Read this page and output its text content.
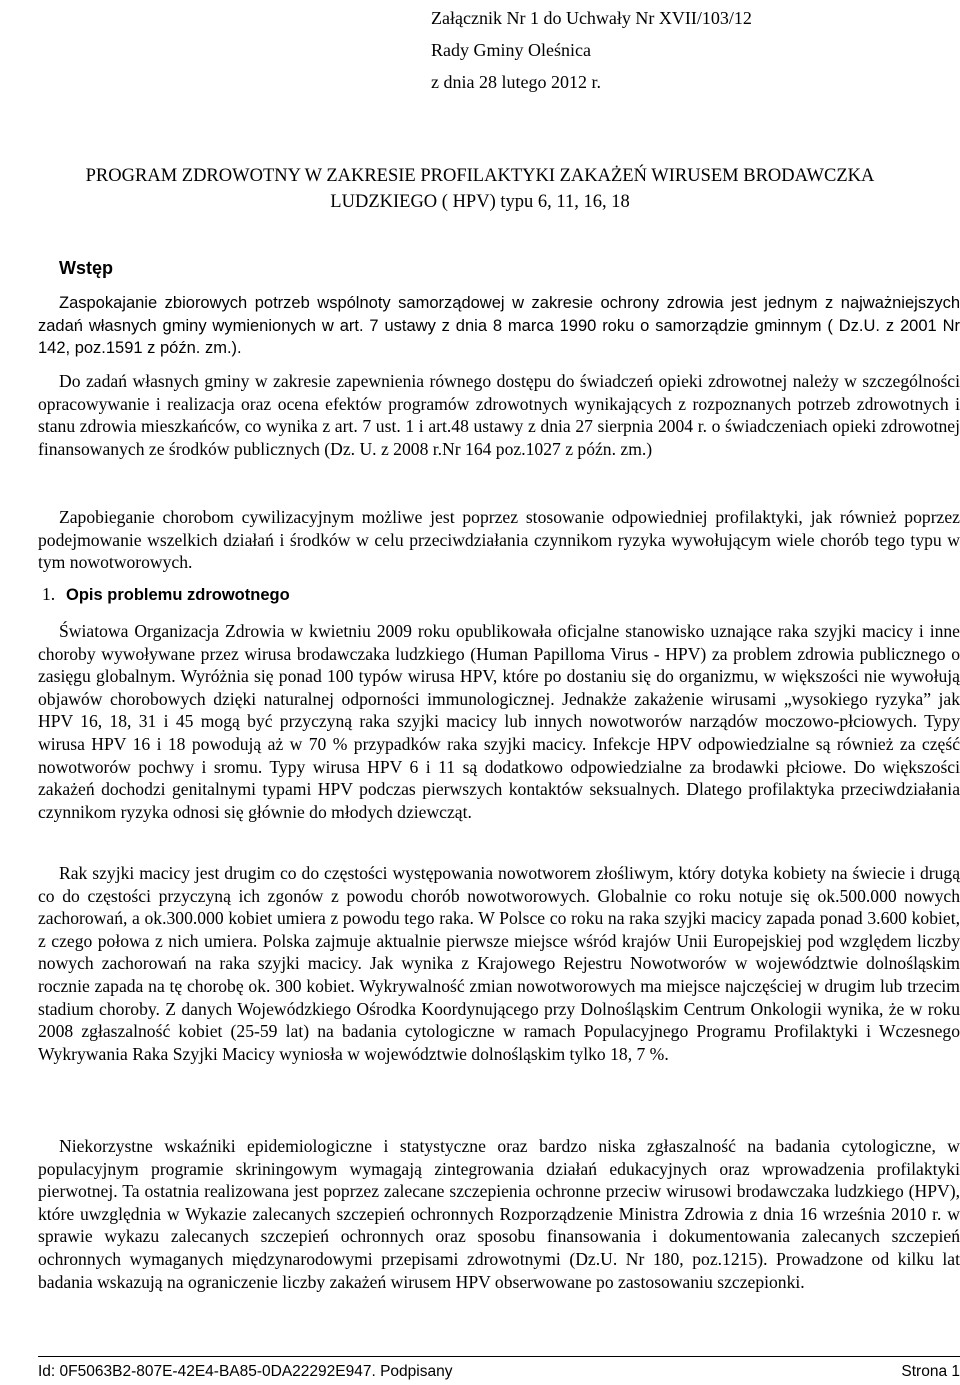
Załącznik Nr 1 do Uchwały Nr XVII/103/12
Rady Gminy Oleśnica
z dnia 28 lutego 2012 r.
PROGRAM ZDROWOTNY W ZAKRESIE PROFILAKTYKI ZAKAŻEŃ WIRUSEM BRODAWCZKA
LUDZKIEGO ( HPV) typu 6, 11, 16, 18
Wstęp
Zaspokajanie zbiorowych potrzeb wspólnoty samorządowej w zakresie ochrony zdrowia jest jednym z najważniejszych zadań własnych gminy wymienionych w art. 7 ustawy z dnia 8 marca 1990 roku o samorządzie gminnym ( Dz.U. z 2001 Nr 142, poz.1591 z późn. zm.).
Do zadań własnych gminy w zakresie zapewnienia równego dostępu do świadczeń opieki zdrowotnej należy w szczególności opracowywanie i realizacja oraz ocena efektów programów zdrowotnych wynikających z rozpoznanych potrzeb zdrowotnych i stanu zdrowia mieszkańców, co wynika z art. 7 ust. 1 i art.48 ustawy z dnia 27 sierpnia 2004 r. o świadczeniach opieki zdrowotnej finansowanych ze środków publicznych (Dz. U. z 2008 r.Nr 164 poz.1027 z późn. zm.)
Zapobieganie chorobom cywilizacyjnym możliwe jest poprzez stosowanie odpowiedniej profilaktyki, jak również poprzez podejmowanie wszelkich działań i środków w celu przeciwdziałania czynnikom ryzyka wywołującym wiele chorób tego typu w tym nowotworowych.
1. Opis problemu zdrowotnego
Światowa Organizacja Zdrowia w kwietniu 2009 roku opublikowała oficjalne stanowisko uznające raka szyjki macicy i inne choroby wywoływane przez wirusa brodawczaka ludzkiego (Human Papilloma Virus - HPV) za problem zdrowia publicznego o zasięgu globalnym. Wyróżnia się ponad 100 typów wirusa HPV, które po dostaniu się do organizmu, w większości nie wywołują objawów chorobowych dzięki naturalnej odporności immunologicznej. Jednakże zakażenie wirusami „wysokiego ryzyka” jak HPV 16, 18, 31 i 45 mogą być przyczyną raka szyjki macicy lub innych nowotworów narządów moczowo-płciowych. Typy wirusa HPV 16 i 18 powodują aż w 70 % przypadków raka szyjki macicy. Infekcje HPV odpowiedzialne są również za część nowotworów pochwy i sromu. Typy wirusa HPV 6 i 11 są dodatkowo odpowiedzialne za brodawki płciowe. Do większości zakażeń dochodzi genitalnymi typami HPV podczas pierwszych kontaktów seksualnych. Dlatego profilaktyka przeciwdziałania czynnikom ryzyka odnosi się głównie do młodych dziewcząt.
Rak szyjki macicy jest drugim co do częstości występowania nowotworem złośliwym, który dotyka kobiety na świecie i drugą co do częstości przyczyną ich zgonów z powodu chorób nowotworowych. Globalnie co roku notuje się ok.500.000 nowych zachorowań, a ok.300.000 kobiet umiera z powodu tego raka. W Polsce co roku na raka szyjki macicy zapada ponad 3.600 kobiet, z czego połowa z nich umiera. Polska zajmuje aktualnie pierwsze miejsce wśród krajów Unii Europejskiej pod względem liczby nowych zachorowań na raka szyjki macicy. Jak wynika z Krajowego Rejestru Nowotworów w województwie dolnośląskim rocznie zapada na tę chorobę ok. 300 kobiet. Wykrywalność zmian nowotworowych ma miejsce najczęściej w drugim lub trzecim stadium choroby. Z danych Wojewódzkiego Ośrodka Koordynującego przy Dolnośląskim Centrum Onkologii wynika, że w roku 2008 zgłaszalność kobiet (25-59 lat) na badania cytologiczne w ramach Populacyjnego Programu Profilaktyki i Wczesnego Wykrywania Raka Szyjki Macicy wyniosła w województwie dolnośląskim tylko 18, 7 %.
Niekorzystne wskaźniki epidemiologiczne i statystyczne oraz bardzo niska zgłaszalność na badania cytologiczne, w populacyjnym programie skriningowym wymagają zintegrowania działań edukacyjnych oraz wprowadzenia profilaktyki pierwotnej. Ta ostatnia realizowana jest poprzez zalecane szczepienia ochronne przeciw wirusowi brodawczaka ludzkiego (HPV), które uwzględnia w Wykazie zalecanych szczepień ochronnych Rozporządzenie Ministra Zdrowia z dnia 16 września 2010 r. w sprawie wykazu zalecanych szczepień ochronnych oraz sposobu finansowania i dokumentowania zalecanych szczepień ochronnych wymaganych międzynarodowymi przepisami zdrowotnymi (Dz.U. Nr 180, poz.1215). Prowadzone od kilku lat badania wskazują na ograniczenie liczby zakażeń wirusem HPV obserwowane po zastosowaniu szczepionki.
Id: 0F5063B2-807E-42E4-BA85-0DA22292E947. Podpisany	Strona 1
